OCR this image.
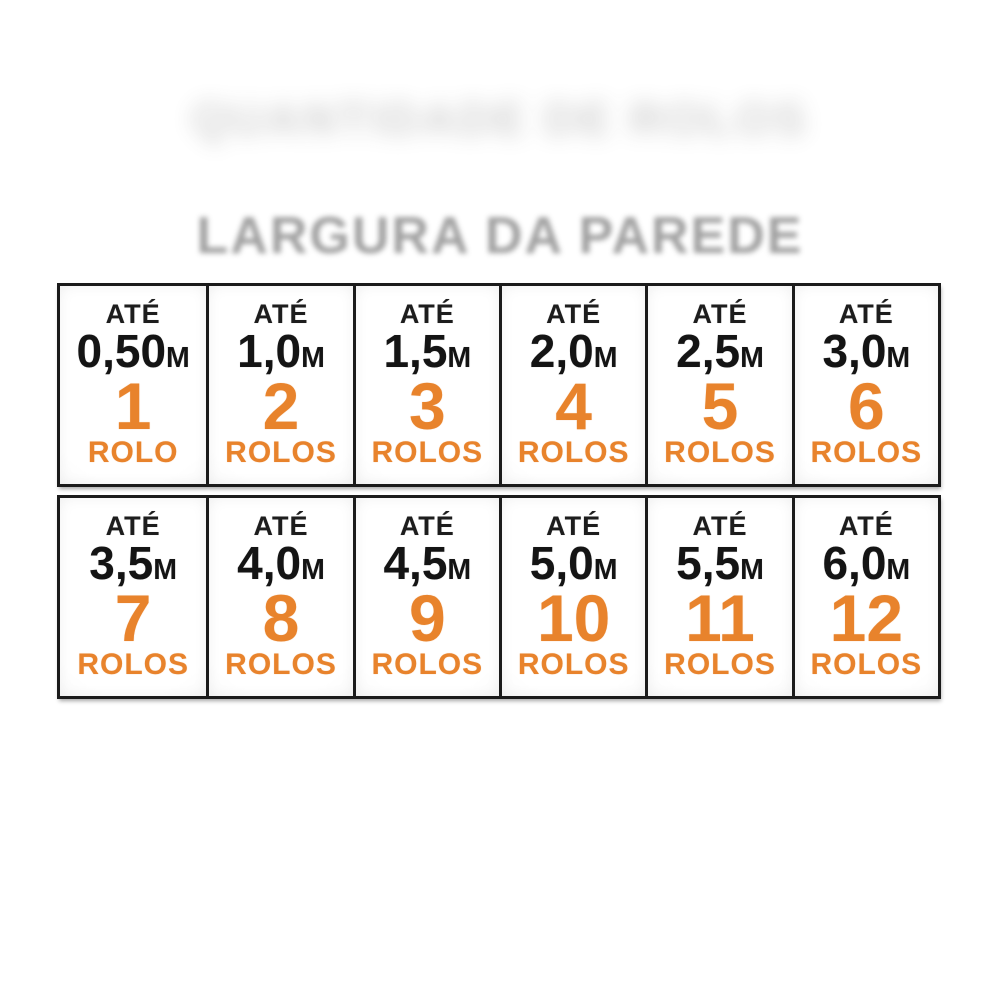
QUANTIDADE DE ROLOS
LARGURA DA PAREDE
ATÉ
0,50M
1
ROLO
ATÉ
1,0M
2
ROLOS
ATÉ
1,5M
3
ROLOS
ATÉ
2,0M
4
ROLOS
ATÉ
2,5M
5
ROLOS
ATÉ
3,0M
6
ROLOS
ATÉ
3,5M
7
ROLOS
ATÉ
4,0M
8
ROLOS
ATÉ
4,5M
9
ROLOS
ATÉ
5,0M
10
ROLOS
ATÉ
5,5M
11
ROLOS
ATÉ
6,0M
12
ROLOS
